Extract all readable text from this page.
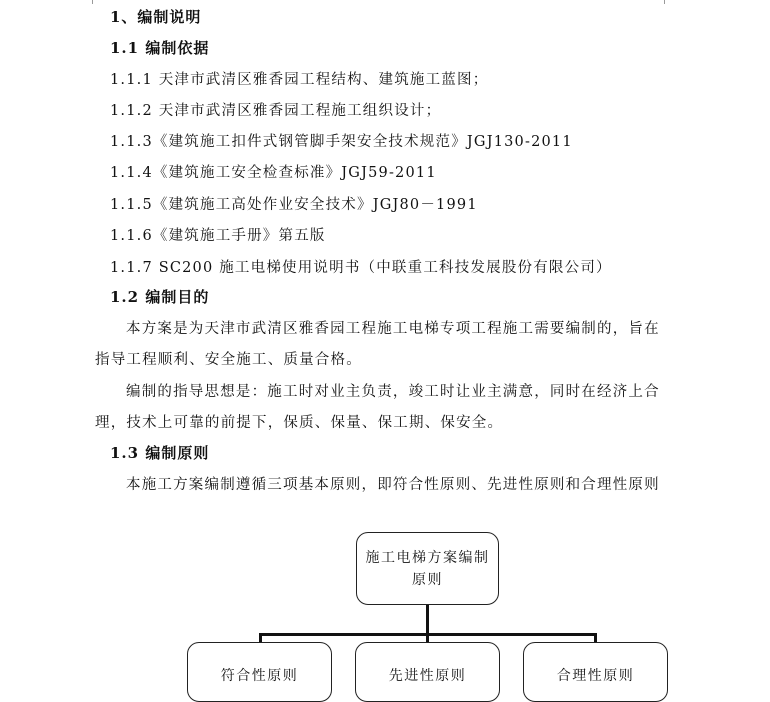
1、编制说明
1.1 编制依据
1.1.1 天津市武清区雅香园工程结构、建筑施工蓝图；
1.1.2 天津市武清区雅香园工程施工组织设计；
1.1.3《建筑施工扣件式钢管脚手架安全技术规范》JGJ130-2011
1.1.4《建筑施工安全检查标准》JGJ59-2011
1.1.5《建筑施工高处作业安全技术》JGJ80－1991
1.1.6《建筑施工手册》第五版
1.1.7 SC200 施工电梯使用说明书（中联重工科技发展股份有限公司）
1.2 编制目的
本方案是为天津市武清区雅香园工程施工电梯专项工程施工需要编制的，旨在
指导工程顺利、安全施工、质量合格。
编制的指导思想是：施工时对业主负责，竣工时让业主满意，同时在经济上合
理，技术上可靠的前提下，保质、保量、保工期、保安全。
1.3 编制原则
本施工方案编制遵循三项基本原则，即符合性原则、先进性原则和合理性原则
施工电梯方案编制
原则
符合性原则	先进性原则	合理性原则
